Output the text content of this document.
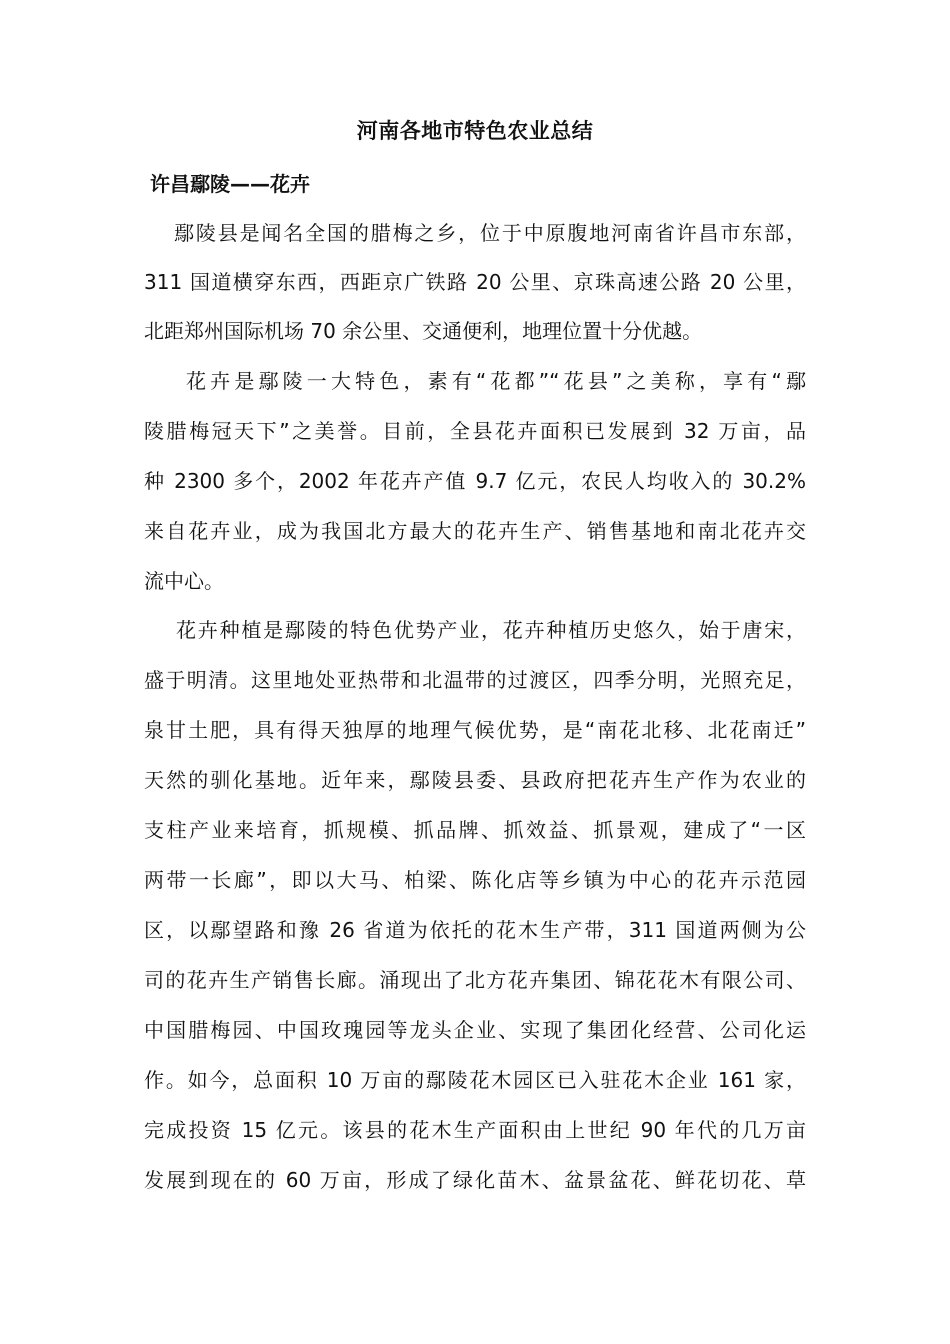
河南各地市特色农业总结
许昌鄢陵——花卉
鄢陵县是闻名全国的腊梅之乡，位于中原腹地河南省许昌市东部，
311 国道横穿东西，西距京广铁路 20 公里、京珠高速公路 20 公里，
北距郑州国际机场 70 余公里、交通便利，地理位置十分优越。
花卉是鄢陵一大特色，素有“花都”“花县”之美称，享有“鄢
陵腊梅冠天下”之美誉。目前，全县花卉面积已发展到 32 万亩，品
种 2300 多个，2002 年花卉产值 9.7 亿元，农民人均收入的 30.2%
来自花卉业，成为我国北方最大的花卉生产、销售基地和南北花卉交
流中心。
花卉种植是鄢陵的特色优势产业，花卉种植历史悠久，始于唐宋，
盛于明清。这里地处亚热带和北温带的过渡区，四季分明，光照充足，
泉甘土肥，具有得天独厚的地理气候优势，是“南花北移、北花南迁”
天然的驯化基地。近年来，鄢陵县委、县政府把花卉生产作为农业的
支柱产业来培育，抓规模、抓品牌、抓效益、抓景观，建成了“一区
两带一长廊”，即以大马、柏梁、陈化店等乡镇为中心的花卉示范园
区，以鄢望路和豫 26 省道为依托的花木生产带，311 国道两侧为公
司的花卉生产销售长廊。涌现出了北方花卉集团、锦花花木有限公司、
中国腊梅园、中国玫瑰园等龙头企业、实现了集团化经营、公司化运
作。如今，总面积 10 万亩的鄢陵花木园区已入驻花木企业 161 家，
完成投资 15 亿元。该县的花木生产面积由上世纪 90 年代的几万亩
发展到现在的 60 万亩，形成了绿化苗木、盆景盆花、鲜花切花、草
